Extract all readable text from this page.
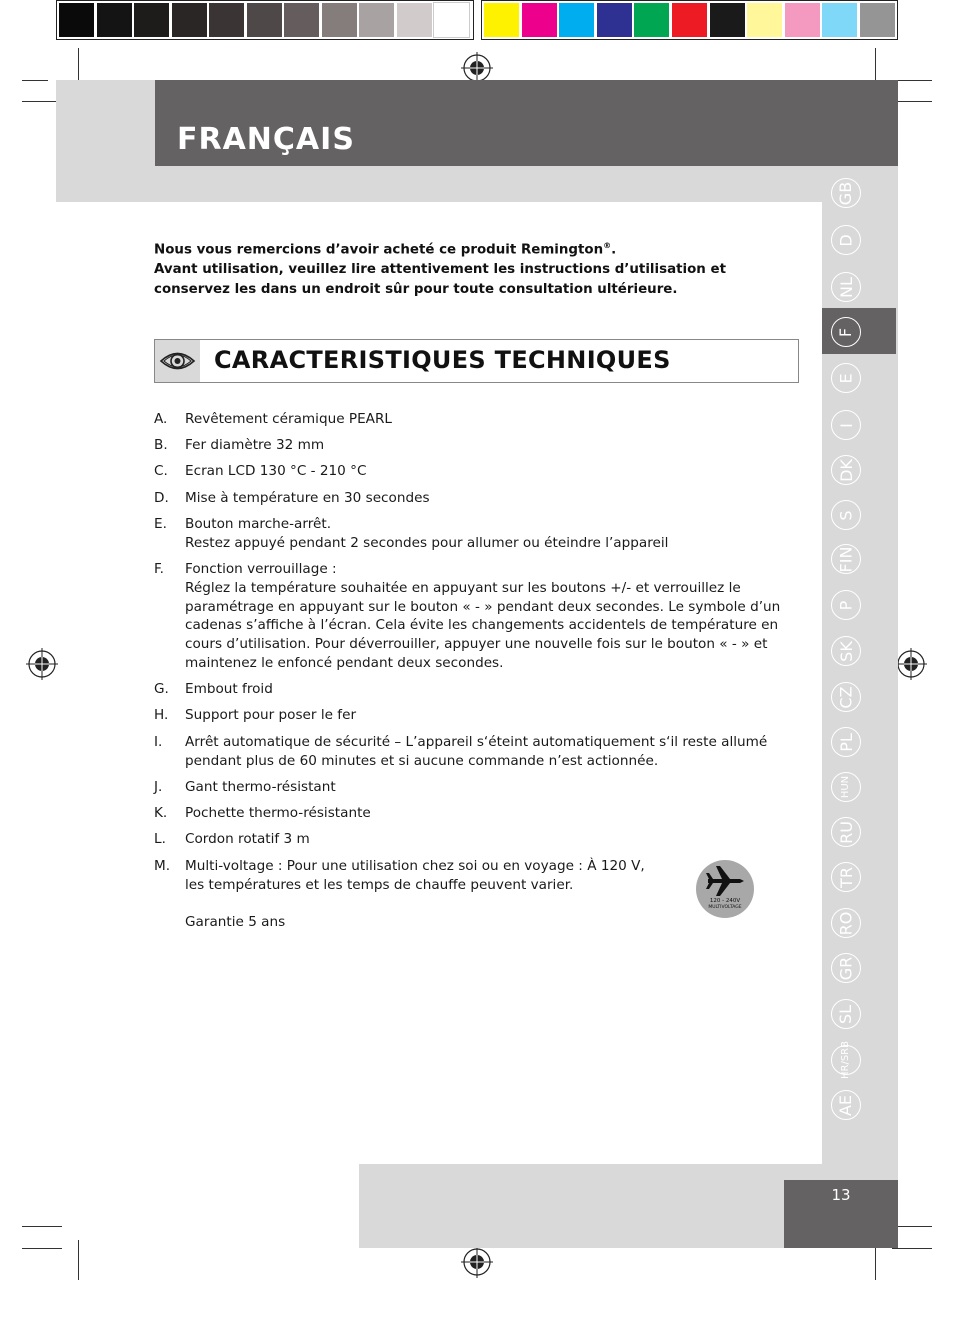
FRANÇAIS
GB
D
NL
F
E
I
DK
S
FIN
P
SK
CZ
PL
HUN
RU
TR
RO
GR
SL
HR/SRB
AE
Nous vous remercions d’avoir acheté ce produit Remington®.
Avant utilisation, veuillez lire attentivement les instructions d’utilisation et conservez les dans un endroit sûr pour toute consultation ultérieure.
CARACTERISTIQUES TECHNIQUES
A.	Revêtement céramique PEARL
B.	Fer diamètre 32 mm
C.	Ecran LCD 130 °C - 210 °C
D.	Mise à température en 30 secondes
E.	Bouton marche-arrêt.
Restez appuyé pendant 2 secondes pour allumer ou éteindre l’appareil
F.	Fonction verrouillage :
Réglez la température souhaitée en appuyant sur les boutons +/- et verrouillez le paramétrage en appuyant sur le bouton « - » pendant deux secondes. Le symbole d’un cadenas s’affiche à l’écran. Cela évite les changements accidentels de température en cours d’utilisation. Pour déverrouiller, appuyer une nouvelle fois sur le bouton « - » et maintenez le enfoncé pendant deux secondes.
G.	Embout froid
H.	Support pour poser le fer
I.	Arrêt automatique de sécurité – L’appareil s‘éteint automatiquement s‘il reste allumé pendant plus de 60 minutes et si aucune commande n’est actionnée.
J.	Gant thermo-résistant
K.	Pochette thermo-résistante
L.	Cordon rotatif 3 m
M.	Multi-voltage : Pour une utilisation chez soi ou en voyage : À 120 V, les températures et les temps de chauffe peuvent varier.
Garantie 5 ans
120 - 240V
MULTIVOLTAGE
13
